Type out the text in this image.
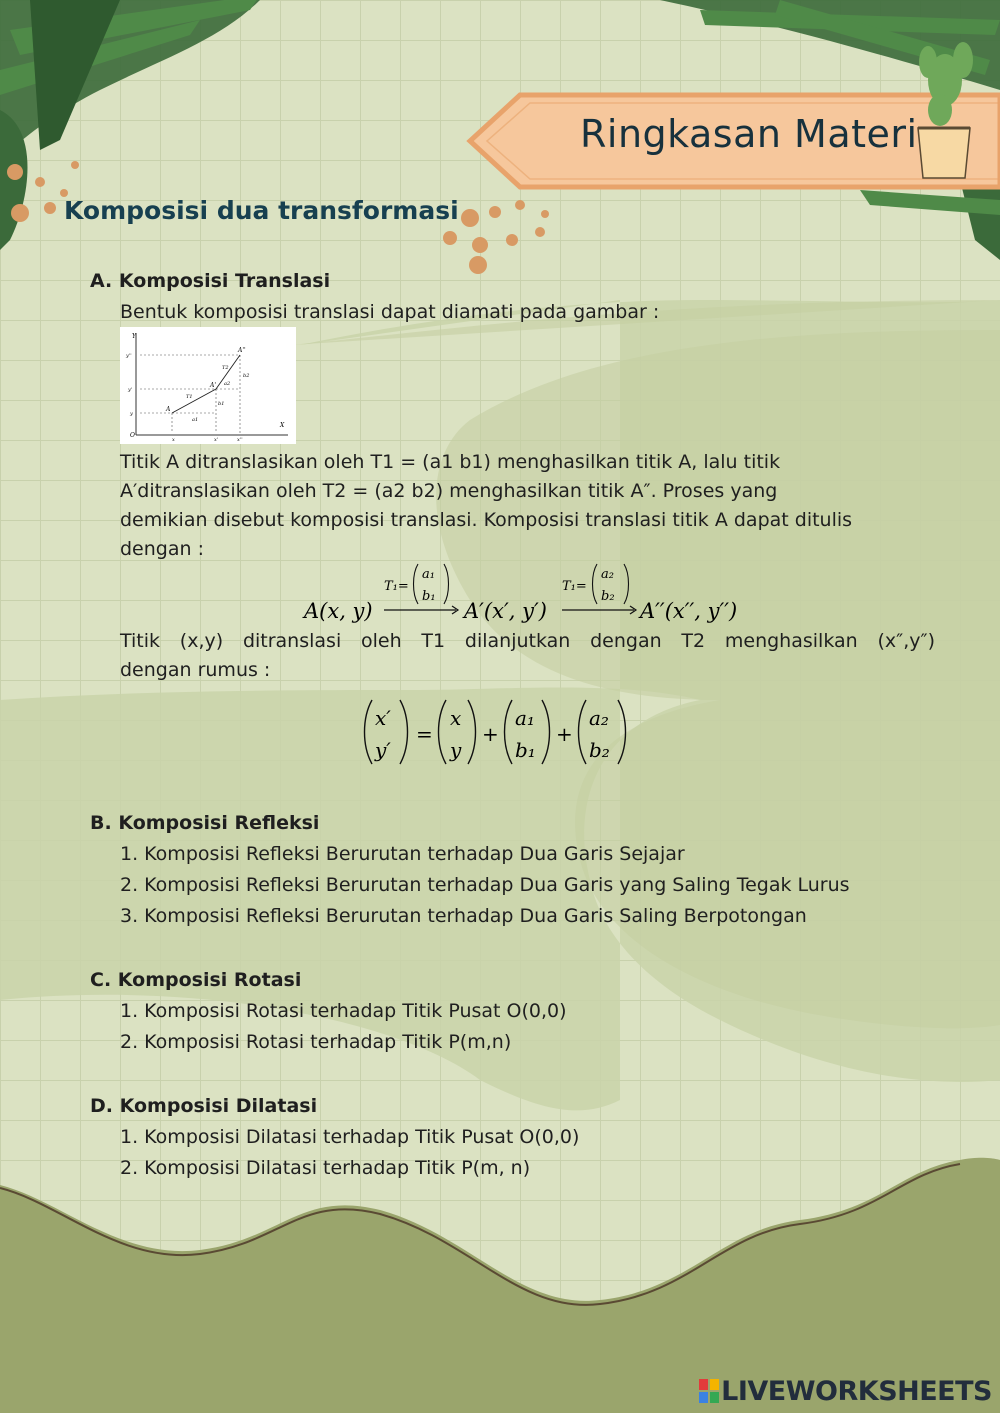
Ringkasan Materi
Komposisi dua transformasi
A. Komposisi Translasi
Bentuk komposisi translasi dapat diamati pada gambar :
Y
X
O
y''
y'
y
x	x'	x''
A
A'
A''
T1
T2
a1
b1
a2
b2
Titik A ditranslasikan oleh T1 = (a1 b1) menghasilkan titik A, lalu titik
A′ditranslasikan oleh T2 = (a2 b2) menghasilkan titik A″. Proses yang
demikian disebut komposisi translasi. Komposisi translasi titik A dapat ditulis
dengan :
A(x, y)
T₁=
a₁
b₁
A′(x′, y′)
T₁=
a₂
b₂
A′′(x′′, y′′)
Titik (x,y) ditranslasi oleh T1 dilanjutkan dengan T2 menghasilkan (x″,y″)
dengan rumus :
x′
y′
=
x
y
+
a₁
b₁
+
a₂
b₂
B. Komposisi Refleksi
1. Komposisi Refleksi Berurutan terhadap Dua Garis Sejajar
2. Komposisi Refleksi Berurutan terhadap Dua Garis yang Saling Tegak Lurus
3. Komposisi Refleksi Berurutan terhadap Dua Garis Saling Berpotongan
C. Komposisi Rotasi
1. Komposisi Rotasi terhadap Titik Pusat O(0,0)
2. Komposisi Rotasi terhadap Titik P(m,n)
D. Komposisi Dilatasi
1. Komposisi Dilatasi terhadap Titik Pusat O(0,0)
2. Komposisi Dilatasi terhadap Titik P(m, n)
LIVEWORKSHEETS
